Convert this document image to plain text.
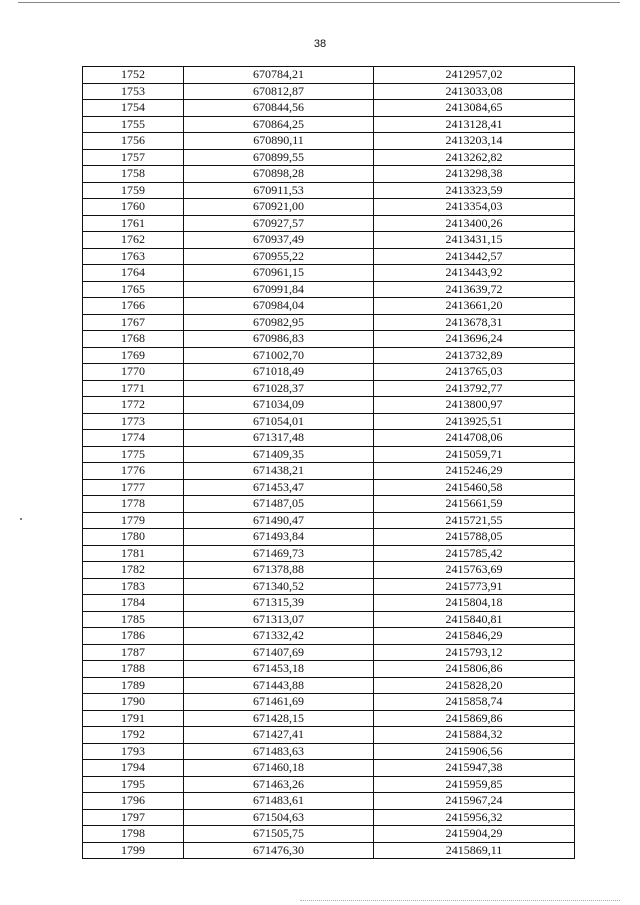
38
1752	670784,21	2412957,02
1753	670812,87	2413033,08
1754	670844,56	2413084,65
1755	670864,25	2413128,41
1756	670890,11	2413203,14
1757	670899,55	2413262,82
1758	670898,28	2413298,38
1759	670911,53	2413323,59
1760	670921,00	2413354,03
1761	670927,57	2413400,26
1762	670937,49	2413431,15
1763	670955,22	2413442,57
1764	670961,15	2413443,92
1765	670991,84	2413639,72
1766	670984,04	2413661,20
1767	670982,95	2413678,31
1768	670986,83	2413696,24
1769	671002,70	2413732,89
1770	671018,49	2413765,03
1771	671028,37	2413792,77
1772	671034,09	2413800,97
1773	671054,01	2413925,51
1774	671317,48	2414708,06
1775	671409,35	2415059,71
1776	671438,21	2415246,29
1777	671453,47	2415460,58
1778	671487,05	2415661,59
1779	671490,47	2415721,55
1780	671493,84	2415788,05
1781	671469,73	2415785,42
1782	671378,88	2415763,69
1783	671340,52	2415773,91
1784	671315,39	2415804,18
1785	671313,07	2415840,81
1786	671332,42	2415846,29
1787	671407,69	2415793,12
1788	671453,18	2415806,86
1789	671443,88	2415828,20
1790	671461,69	2415858,74
1791	671428,15	2415869,86
1792	671427,41	2415884,32
1793	671483,63	2415906,56
1794	671460,18	2415947,38
1795	671463,26	2415959,85
1796	671483,61	2415967,24
1797	671504,63	2415956,32
1798	671505,75	2415904,29
1799	671476,30	2415869,11
